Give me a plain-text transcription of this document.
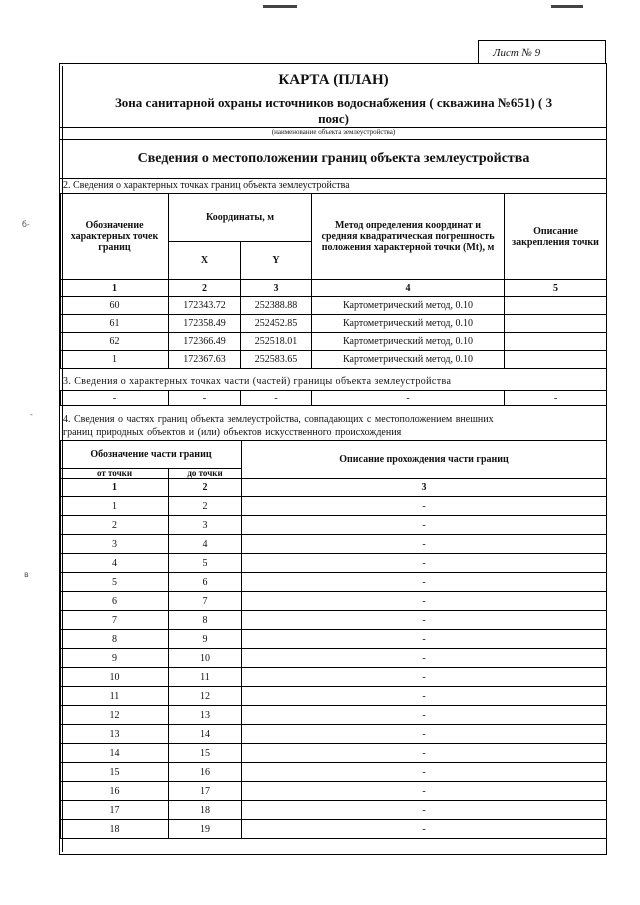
б-
-
в
Лист № 9
КАРТА (ПЛАН)
Зона санитарной охраны источников водоснабжения ( скважина №651) ( 3
пояс)
(наименование объекта землеустройства)
Сведения о местоположении границ объекта землеустройства
2. Сведения о характерных точках границ объекта землеустройства
Обозначение характерных точек границ	Координаты, м		Метод определения координат и средняя квадратическая погрешность положения характерной точки (Mt), м	Описание закрепления точки
	X	Y		
1	2	3	4	5
60	172343.72	252388.88	Картометрический метод, 0.10	
61	172358.49	252452.85	Картометрический метод, 0.10	
62	172366.49	252518.01	Картометрический метод, 0.10	
1	172367.63	252583.65	Картометрический метод, 0.10	
3. Сведения о характерных точках части (частей) границы объекта землеустройства
-	-	-	-	-
4. Сведения о частях границ объекта землеустройства, совпадающих с местоположением внешних
границ природных объектов и (или) объектов искусственного происхождения
Обозначение части границ		Описание прохождения части границ
от точки	до точки	
1	2	3
1	2	-
2	3	-
3	4	-
4	5	-
5	6	-
6	7	-
7	8	-
8	9	-
9	10	-
10	11	-
11	12	-
12	13	-
13	14	-
14	15	-
15	16	-
16	17	-
17	18	-
18	19	-
